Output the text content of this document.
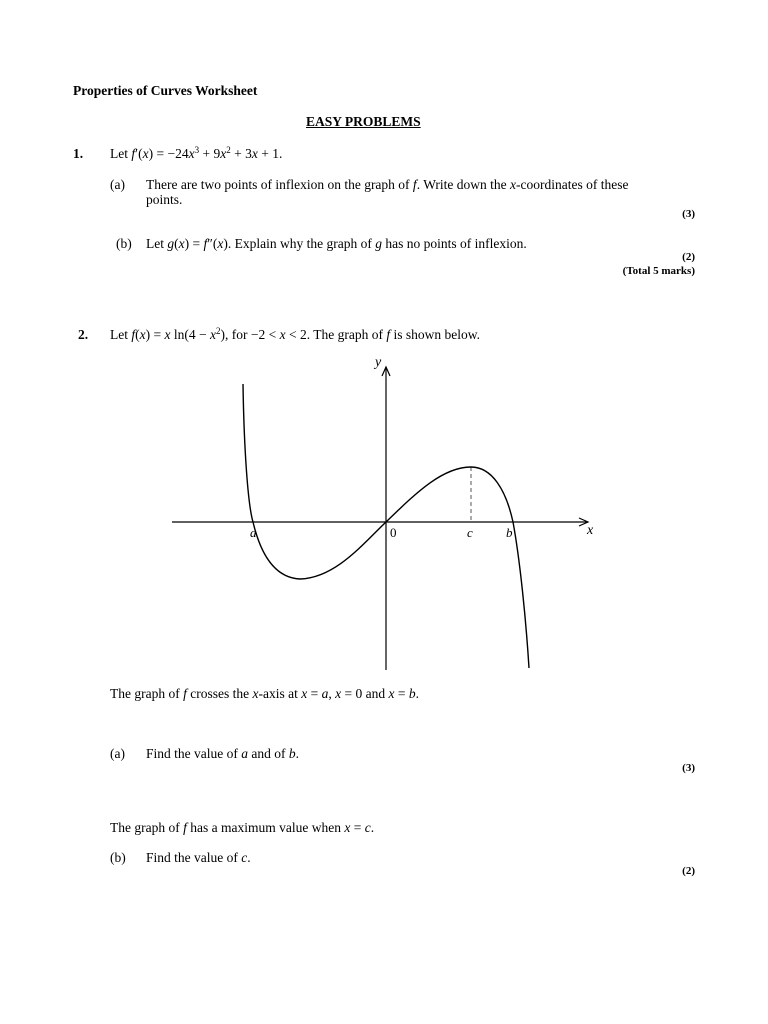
Properties of Curves Worksheet
EASY PROBLEMS
1. Let $f'(x) = -24x^3 + 9x^2 + 3x + 1$.
(a) There are two points of inflexion on the graph of f. Write down the x-coordinates of these
points.
(3)
(b) Let g(x) = f″(x). Explain why the graph of g has no points of inflexion.
(2)
(Total 5 marks)
2. Let f(x) = x $\ln(4 - x^2)$, for −2 < x < 2. The graph of f is shown below.
y
x
a	0	c	b
The graph of f crosses the x-axis at x = a, x = 0 and x = b.
(a) Find the value of a and of b.
(3)
The graph of f has a maximum value when x = c.
(b) Find the value of c.
(2)
